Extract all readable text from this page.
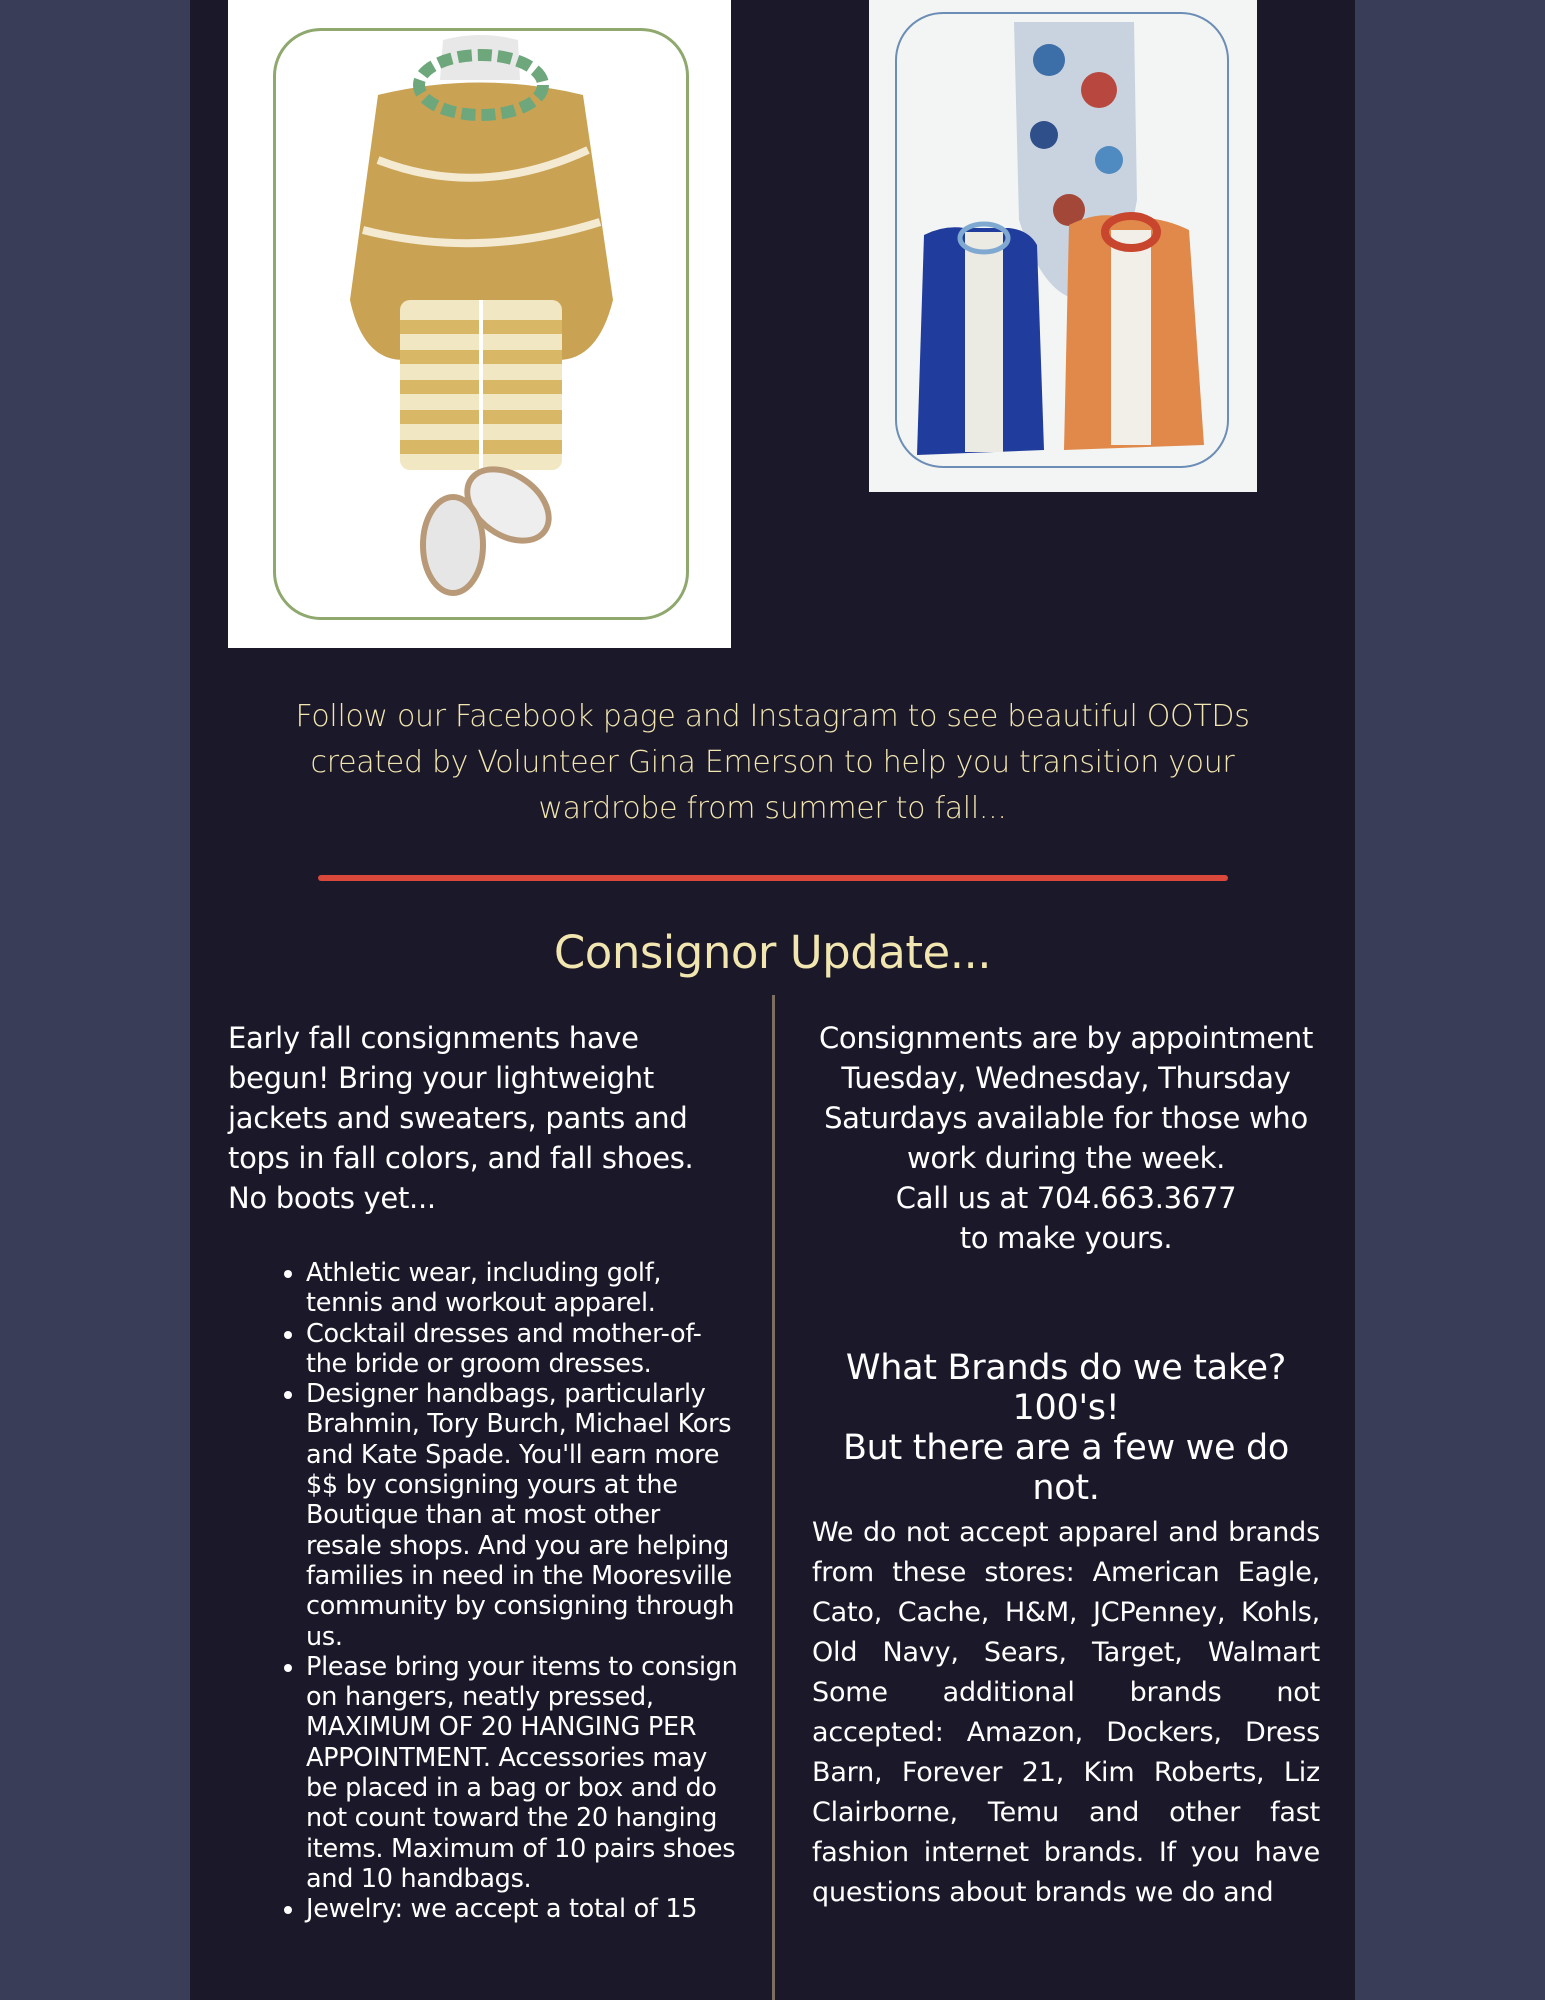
Follow our Facebook page and Instagram to see beautiful OOTDs
created by Volunteer Gina Emerson to help you transition your
wardrobe from summer to fall...
Consignor Update...

Early fall consignments have begun! Bring your lightweight jackets and sweaters, pants and tops in fall colors, and fall shoes. No boots yet...

• Athletic wear, including golf, tennis and workout apparel.
• Cocktail dresses and mother-of-the bride or groom dresses.
• Designer handbags, particularly Brahmin, Tory Burch, Michael Kors and Kate Spade. You'll earn more $$ by consigning yours at the Boutique than at most other resale shops. And you are helping families in need in the Mooresville community by consigning through us.
• Please bring your items to consign on hangers, neatly pressed, MAXIMUM OF 20 HANGING PER APPOINTMENT. Accessories may be placed in a bag or box and do not count toward the 20 hanging items. Maximum of 10 pairs shoes and 10 handbags.
• Jewelry: we accept a total of 15
Consignments are by appointment
Tuesday, Wednesday, Thursday
Saturdays available for those who
work during the week.
Call us at 704.663.3677
to make yours.
What Brands do we take?
100's!
But there are a few we do
not.
We do not accept apparel and brands from these stores: American Eagle, Cato, Cache, H&M, JCPenney, Kohls, Old Navy, Sears, Target, Walmart Some additional brands not accepted: Amazon, Dockers, Dress Barn, Forever 21, Kim Roberts, Liz Clairborne, Temu and other fast fashion internet brands. If you have questions about brands we do and
